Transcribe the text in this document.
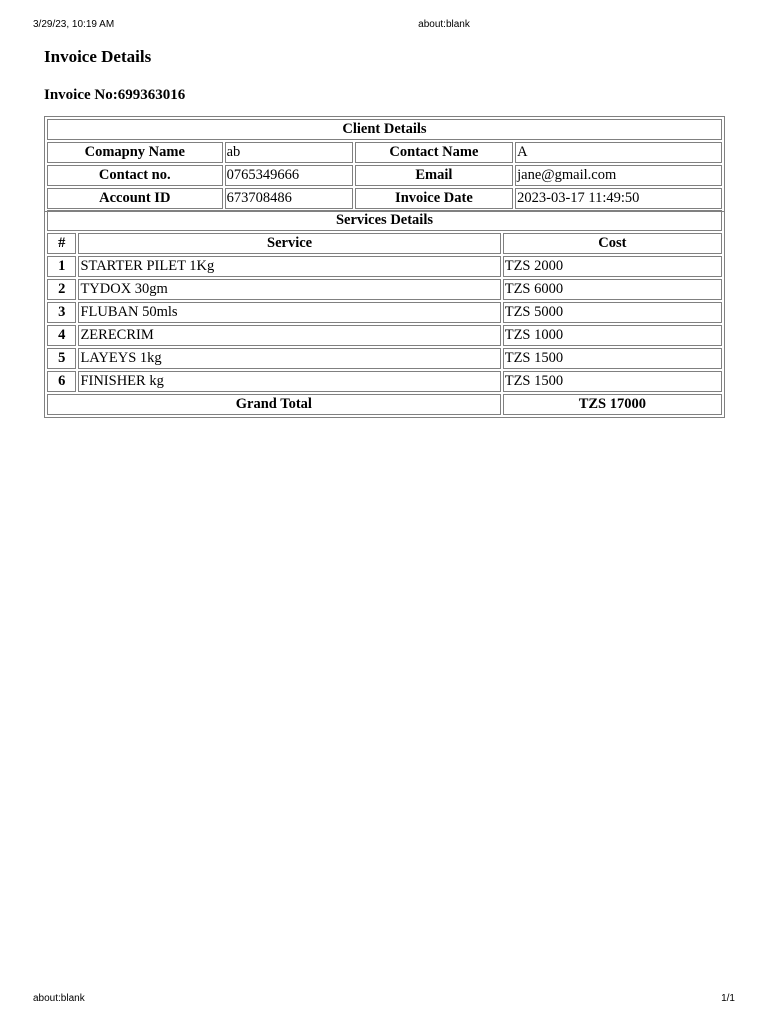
3/29/23, 10:19 AM	about:blank
Invoice Details
Invoice No:699363016
Client Details			
Comapny Name	ab	Contact Name	A
Contact no.	0765349666	Email	jane@gmail.com
Account ID	673708486	Invoice Date	2023-03-17 11:49:50
Services Details		
#	Service	Cost
1	STARTER PILET 1Kg	TZS 2000
2	TYDOX 30gm	TZS 6000
3	FLUBAN 50mls	TZS 5000
4	ZERECRIM	TZS 1000
5	LAYEYS 1kg	TZS 1500
6	FINISHER kg	TZS 1500
Grand Total		TZS 17000
about:blank	1/1
